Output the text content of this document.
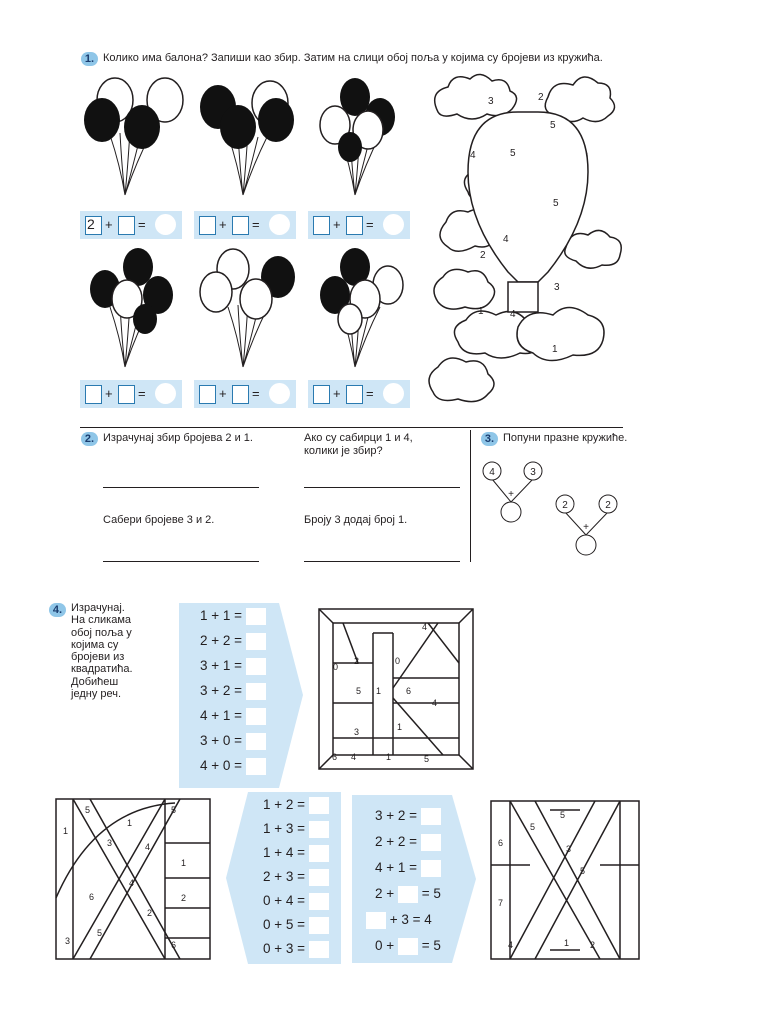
1. Колико има балона? Запиши као збир. Затим на слици обој поља у којима су бројеви из кружића.
2 + =	+ =	+ =
+ =	+ =	+ =
3	2
5
4	5
5
2
4
3
1	4
1
2. Израчунај збир бројева 2 и 1.	Ако су сабирци 1 и 4,
колики је збир?
Сабери бројеве 3 и 2.	Броју 3 додај број 1.
3. Попуни празне кружиће.
4	3
+
2	2
+
4. Израчунај.
На сликама
обој поља у
којима су
бројеви из
квадратића.
Добићеш
једну реч.
1 + 1 =
2 + 2 =
3 + 1 =
3 + 2 =
4 + 1 =
3 + 0 =
4 + 0 =
4
0
2	0
5 1	6
4
3	1
6 4	1	5
5
1
5
3	4
1
1
6
4
2
2
3
5
6
1 + 2 =
1 + 3 =
1 + 4 =
2 + 3 =
0 + 4 =
0 + 5 =
0 + 3 =
3 + 2 =
2 + 2 =
4 + 1 =
2 + = 5
+ 3 = 4
0 + = 5
5
5
6
3
5
7
4	1 2
